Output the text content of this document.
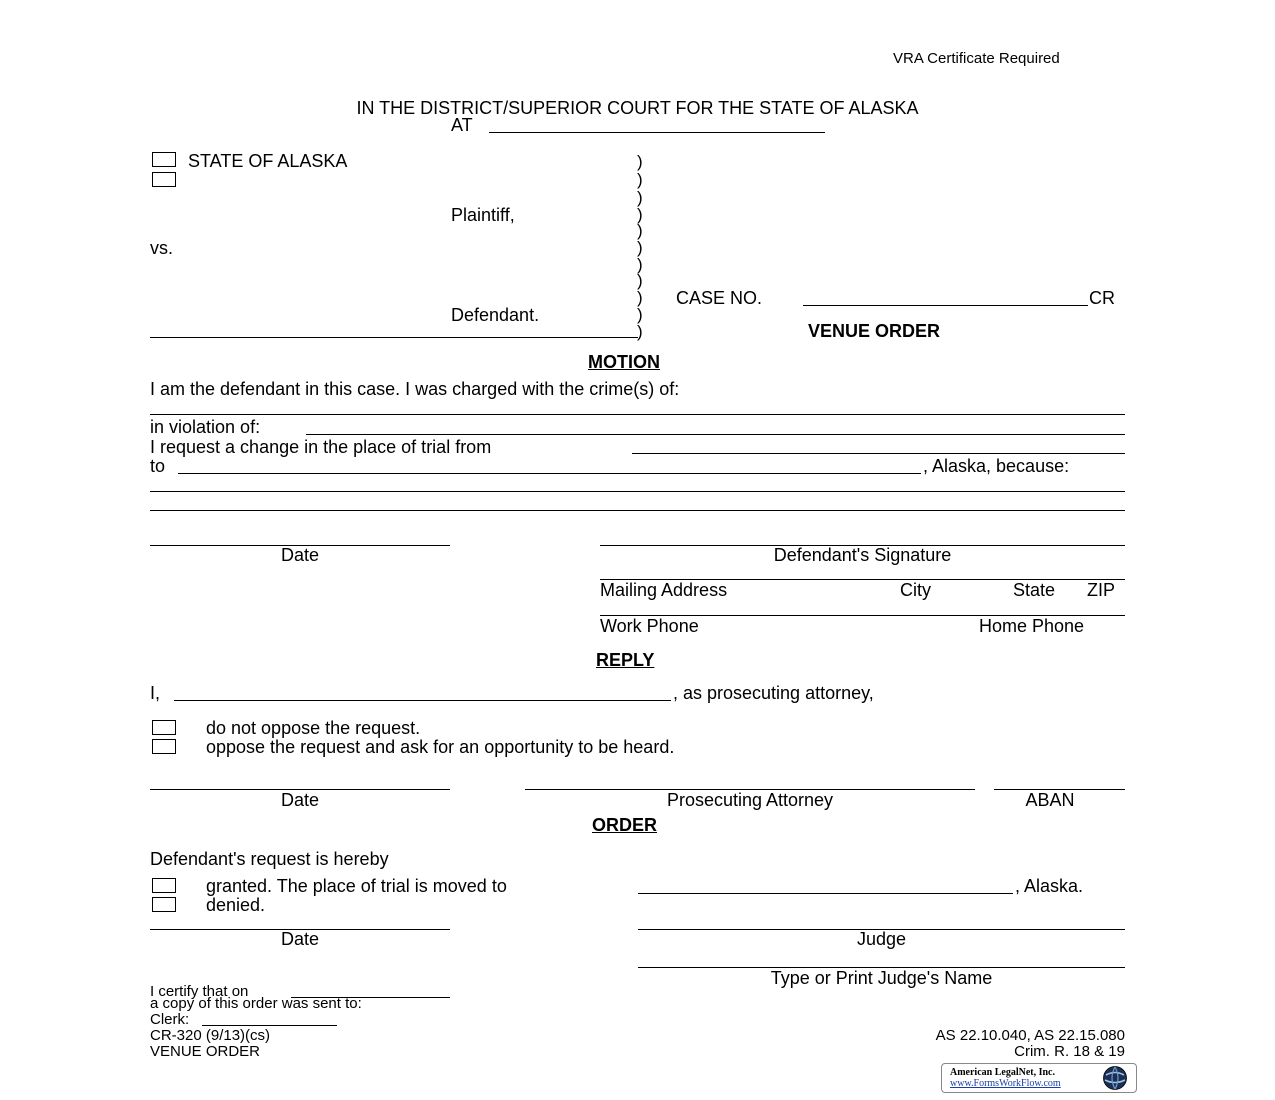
VRA Certificate Required
IN THE DISTRICT/SUPERIOR COURT FOR THE STATE OF ALASKA
AT
STATE OF ALASKA
Plaintiff,
vs.
Defendant.
)
)
)
)
)
)
)
)
)
)
)
CASE NO.	CR
VENUE ORDER
MOTION
I am the defendant in this case. I was charged with the crime(s) of:
in violation of:
I request a change in the place of trial from
to	, Alaska, because:
Date	Defendant's Signature
Mailing Address	City	State ZIP
Work Phone	Home Phone
REPLY
I,	, as prosecuting attorney,
do not oppose the request.
oppose the request and ask for an opportunity to be heard.
Date	Prosecuting Attorney	ABAN
ORDER
Defendant's request is hereby
granted. The place of trial is moved to	, Alaska.
denied.
Date	Judge
Type or Print Judge's Name
I certify that on
a copy of this order was sent to:
Clerk:
CR-320 (9/13)(cs)
VENUE ORDER
AS 22.10.040, AS 22.15.080
Crim. R. 18 & 19
American LegalNet, Inc.
www.FormsWorkFlow.com
